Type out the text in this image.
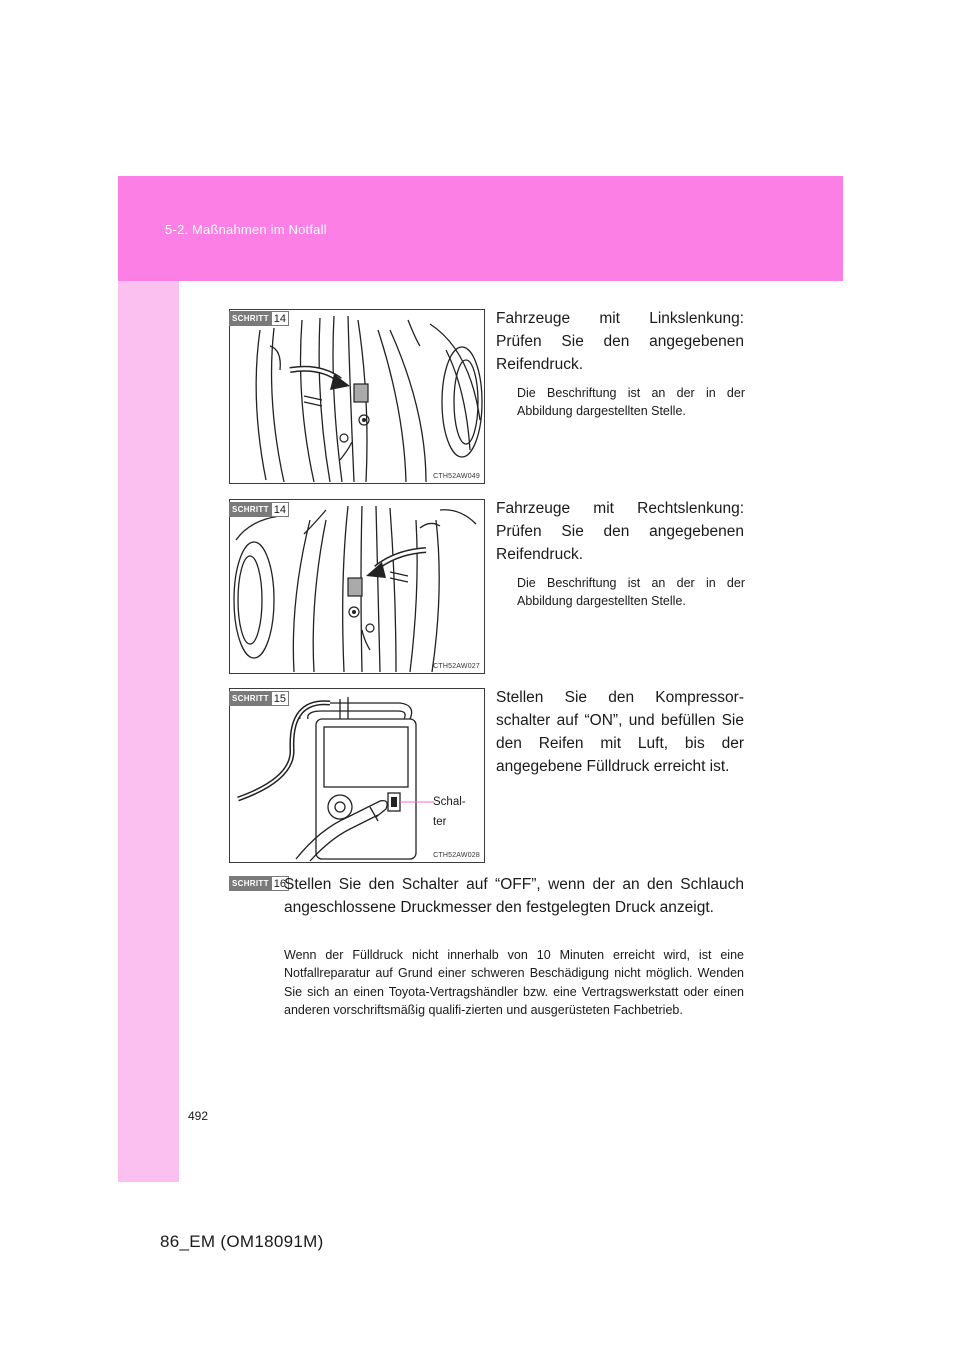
5-2. Maßnahmen im Notfall
CTH52AW049
SCHRITT 14	Fahrzeuge mit Linkslenkung: Prüfen Sie den angegebenen Reifendruck.
Die Beschriftung ist an der in der Abbildung dargestellten Stelle.
CTH52AW027
SCHRITT 14	Fahrzeuge mit Rechtslenkung: Prüfen Sie den angegebenen Reifendruck.
Die Beschriftung ist an der in der Abbildung dargestellten Stelle.
CTH52AW028
SCHRITT 15
Schal-
ter
Stellen Sie den Kompressor-schalter auf “ON”, und befüllen Sie den Reifen mit Luft, bis der angegebene Fülldruck erreicht ist.
SCHRITT 16
Stellen Sie den Schalter auf “OFF”, wenn der an den Schlauch angeschlossene Druckmesser den festgelegten Druck anzeigt.
Wenn der Fülldruck nicht innerhalb von 10 Minuten erreicht wird, ist eine Notfallreparatur auf Grund einer schweren Beschädigung nicht möglich. Wenden Sie sich an einen Toyota-Vertragshändler bzw. eine Vertragswerkstatt oder einen anderen vorschriftsmäßig qualifi-zierten und ausgerüsteten Fachbetrieb.
492
86_EM (OM18091M)
